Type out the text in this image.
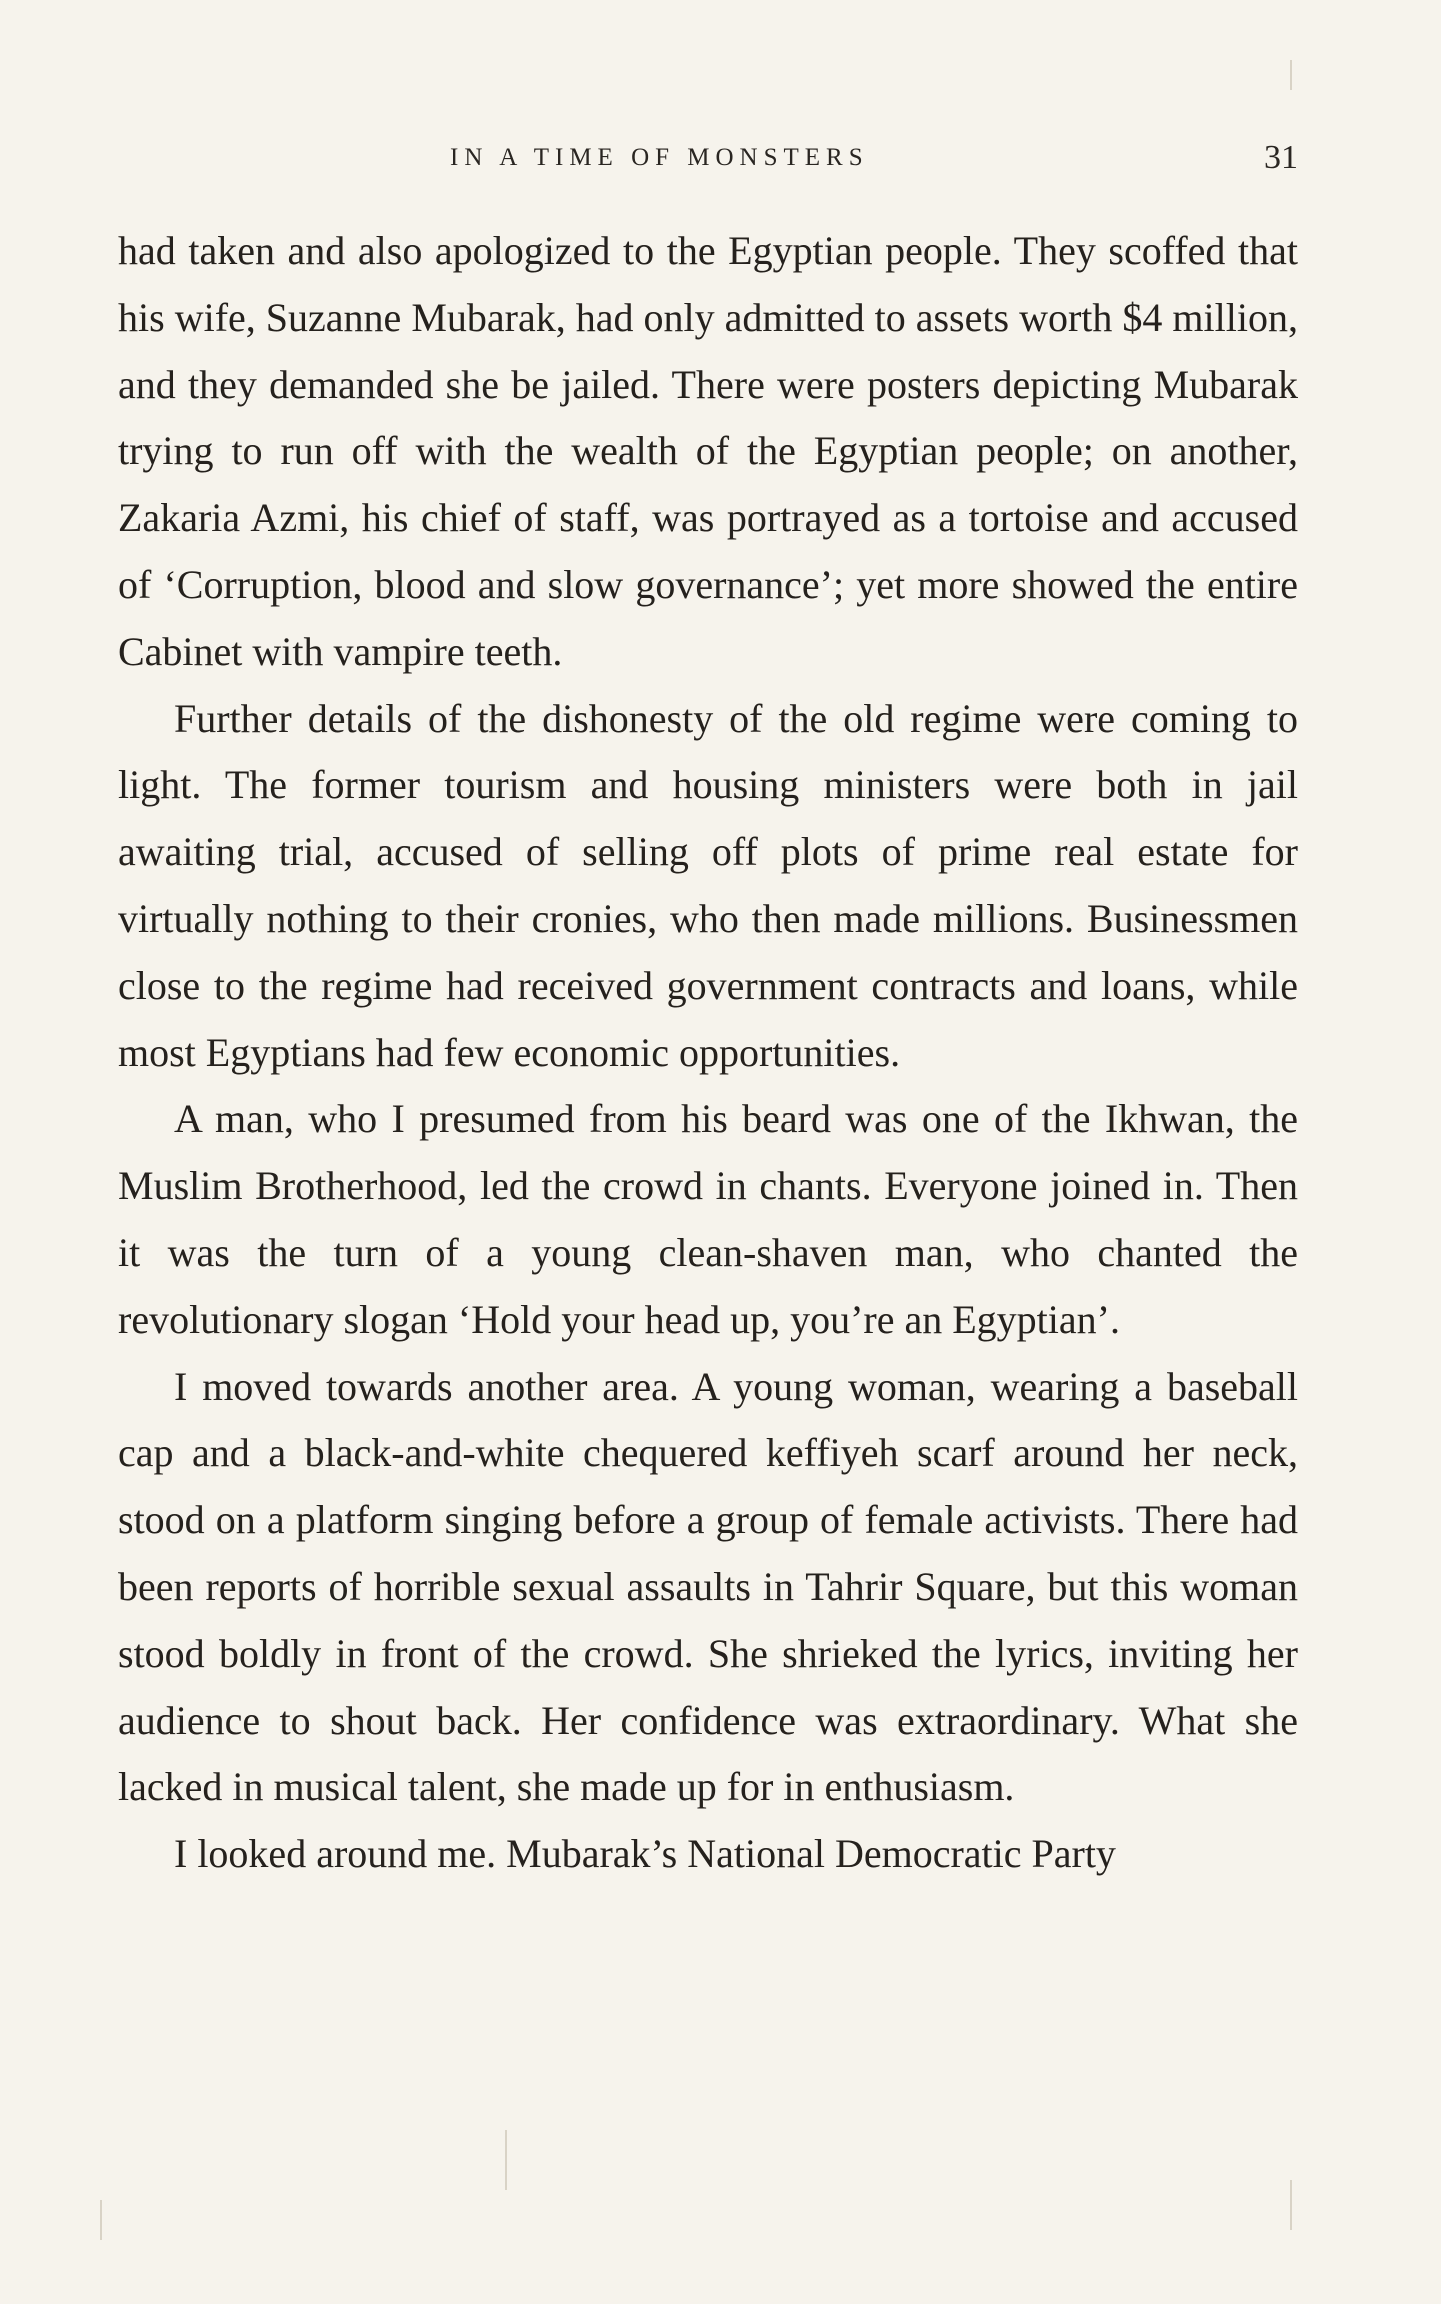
IN A TIME OF MONSTERS	31

had taken and also apologized to the Egyptian people. They scoffed that his wife, Suzanne Mubarak, had only admitted to assets worth $4 million, and they demanded she be jailed. There were posters depicting Mubarak trying to run off with the wealth of the Egyptian people; on another, Zakaria Azmi, his chief of staff, was portrayed as a tortoise and accused of ‘Corruption, blood and slow governance’; yet more showed the entire Cabinet with vampire teeth.

Further details of the dishonesty of the old regime were coming to light. The former tourism and housing ministers were both in jail awaiting trial, accused of selling off plots of prime real estate for virtually nothing to their cronies, who then made millions. Businessmen close to the regime had received government contracts and loans, while most Egyptians had few economic opportunities.

A man, who I presumed from his beard was one of the Ikhwan, the Muslim Brotherhood, led the crowd in chants. Everyone joined in. Then it was the turn of a young clean-shaven man, who chanted the revolutionary slogan ‘Hold your head up, you’re an Egyptian’.

I moved towards another area. A young woman, wearing a baseball cap and a black-and-white chequered keffiyeh scarf around her neck, stood on a platform singing before a group of female activists. There had been reports of horrible sexual assaults in Tahrir Square, but this woman stood boldly in front of the crowd. She shrieked the lyrics, inviting her audience to shout back. Her confidence was extraordinary. What she lacked in musical talent, she made up for in enthusiasm.

I looked around me. Mubarak’s National Democratic Party
